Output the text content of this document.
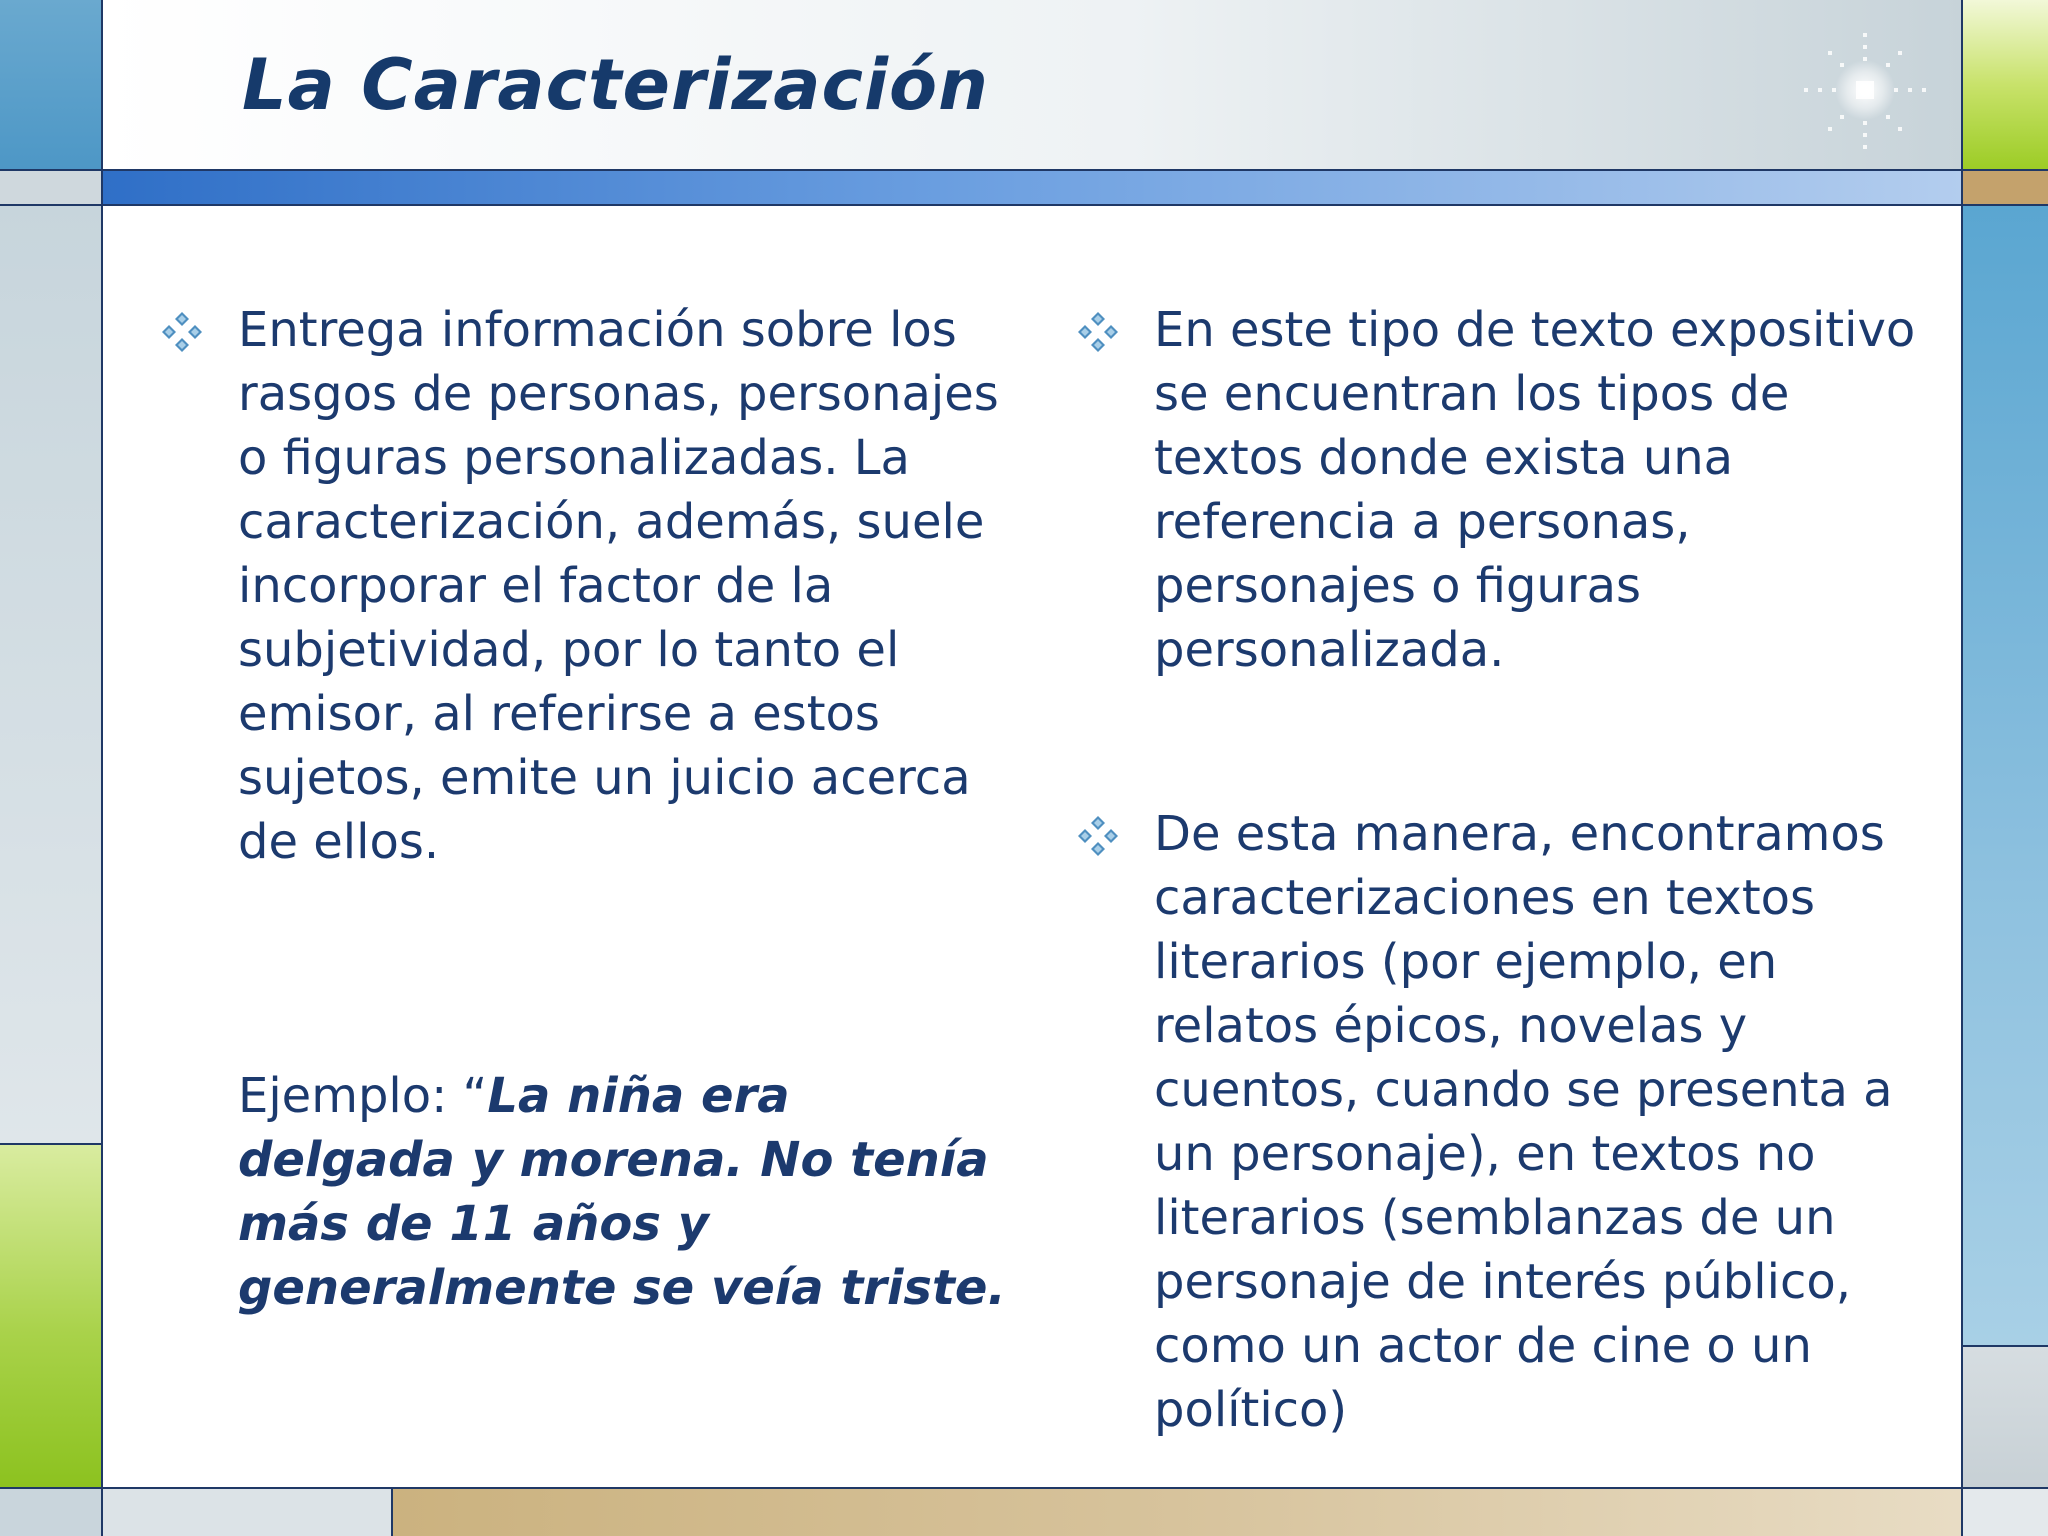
La Caracterización
Entrega información sobre los rasgos de personas, personajes o figuras personalizadas. La caracterización, además, suele incorporar el factor de la subjetividad, por lo tanto el emisor, al referirse a estos sujetos, emite un juicio acerca de ellos.
Ejemplo: “La niña era delgada y morena. No tenía más de 11 años y generalmente se veía triste.
En este tipo de texto expositivo se encuentran los tipos de textos donde exista una referencia a personas, personajes o figuras personalizada.
De esta manera, encontramos caracterizaciones en textos literarios (por ejemplo, en relatos épicos, novelas y cuentos, cuando se presenta a un personaje), en textos no literarios (semblanzas de un personaje de interés público, como un actor de cine o un político)
